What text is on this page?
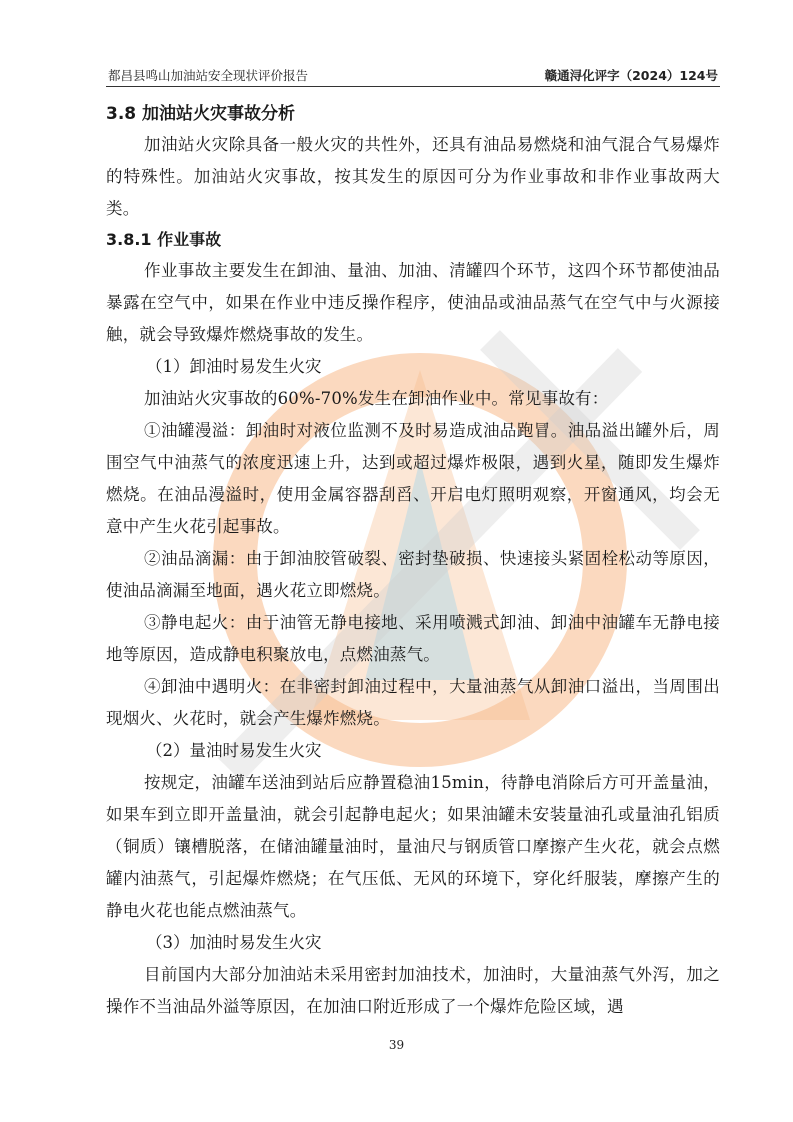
都昌县鸣山加油站安全现状评价报告	赣通浔化评字（2024）124号
3.8 加油站火灾事故分析

加油站火灾除具备一般火灾的共性外，还具有油品易燃烧和油气混合气易爆炸的特殊性。加油站火灾事故，按其发生的原因可分为作业事故和非作业事故两大类。

3.8.1 作业事故

作业事故主要发生在卸油、量油、加油、清罐四个环节，这四个环节都使油品暴露在空气中，如果在作业中违反操作程序，使油品或油品蒸气在空气中与火源接触，就会导致爆炸燃烧事故的发生。

（1）卸油时易发生火灾

加油站火灾事故的60%-70%发生在卸油作业中。常见事故有：

①油罐漫溢：卸油时对液位监测不及时易造成油品跑冒。油品溢出罐外后，周围空气中油蒸气的浓度迅速上升，达到或超过爆炸极限，遇到火星，随即发生爆炸燃烧。在油品漫溢时，使用金属容器刮舀、开启电灯照明观察，开窗通风，均会无意中产生火花引起事故。

②油品滴漏：由于卸油胶管破裂、密封垫破损、快速接头紧固栓松动等原因，使油品滴漏至地面，遇火花立即燃烧。

③静电起火：由于油管无静电接地、采用喷溅式卸油、卸油中油罐车无静电接地等原因，造成静电积聚放电，点燃油蒸气。

④卸油中遇明火：在非密封卸油过程中，大量油蒸气从卸油口溢出，当周围出现烟火、火花时，就会产生爆炸燃烧。

（2）量油时易发生火灾

按规定，油罐车送油到站后应静置稳油15min，待静电消除后方可开盖量油，如果车到立即开盖量油，就会引起静电起火；如果油罐未安装量油孔或量油孔铝质（铜质）镶槽脱落，在储油罐量油时，量油尺与钢质管口摩擦产生火花，就会点燃罐内油蒸气，引起爆炸燃烧；在气压低、无风的环境下，穿化纤服装，摩擦产生的静电火花也能点燃油蒸气。

（3）加油时易发生火灾

目前国内大部分加油站未采用密封加油技术，加油时，大量油蒸气外泻，加之操作不当油品外溢等原因，在加油口附近形成了一个爆炸危险区域，遇

39
